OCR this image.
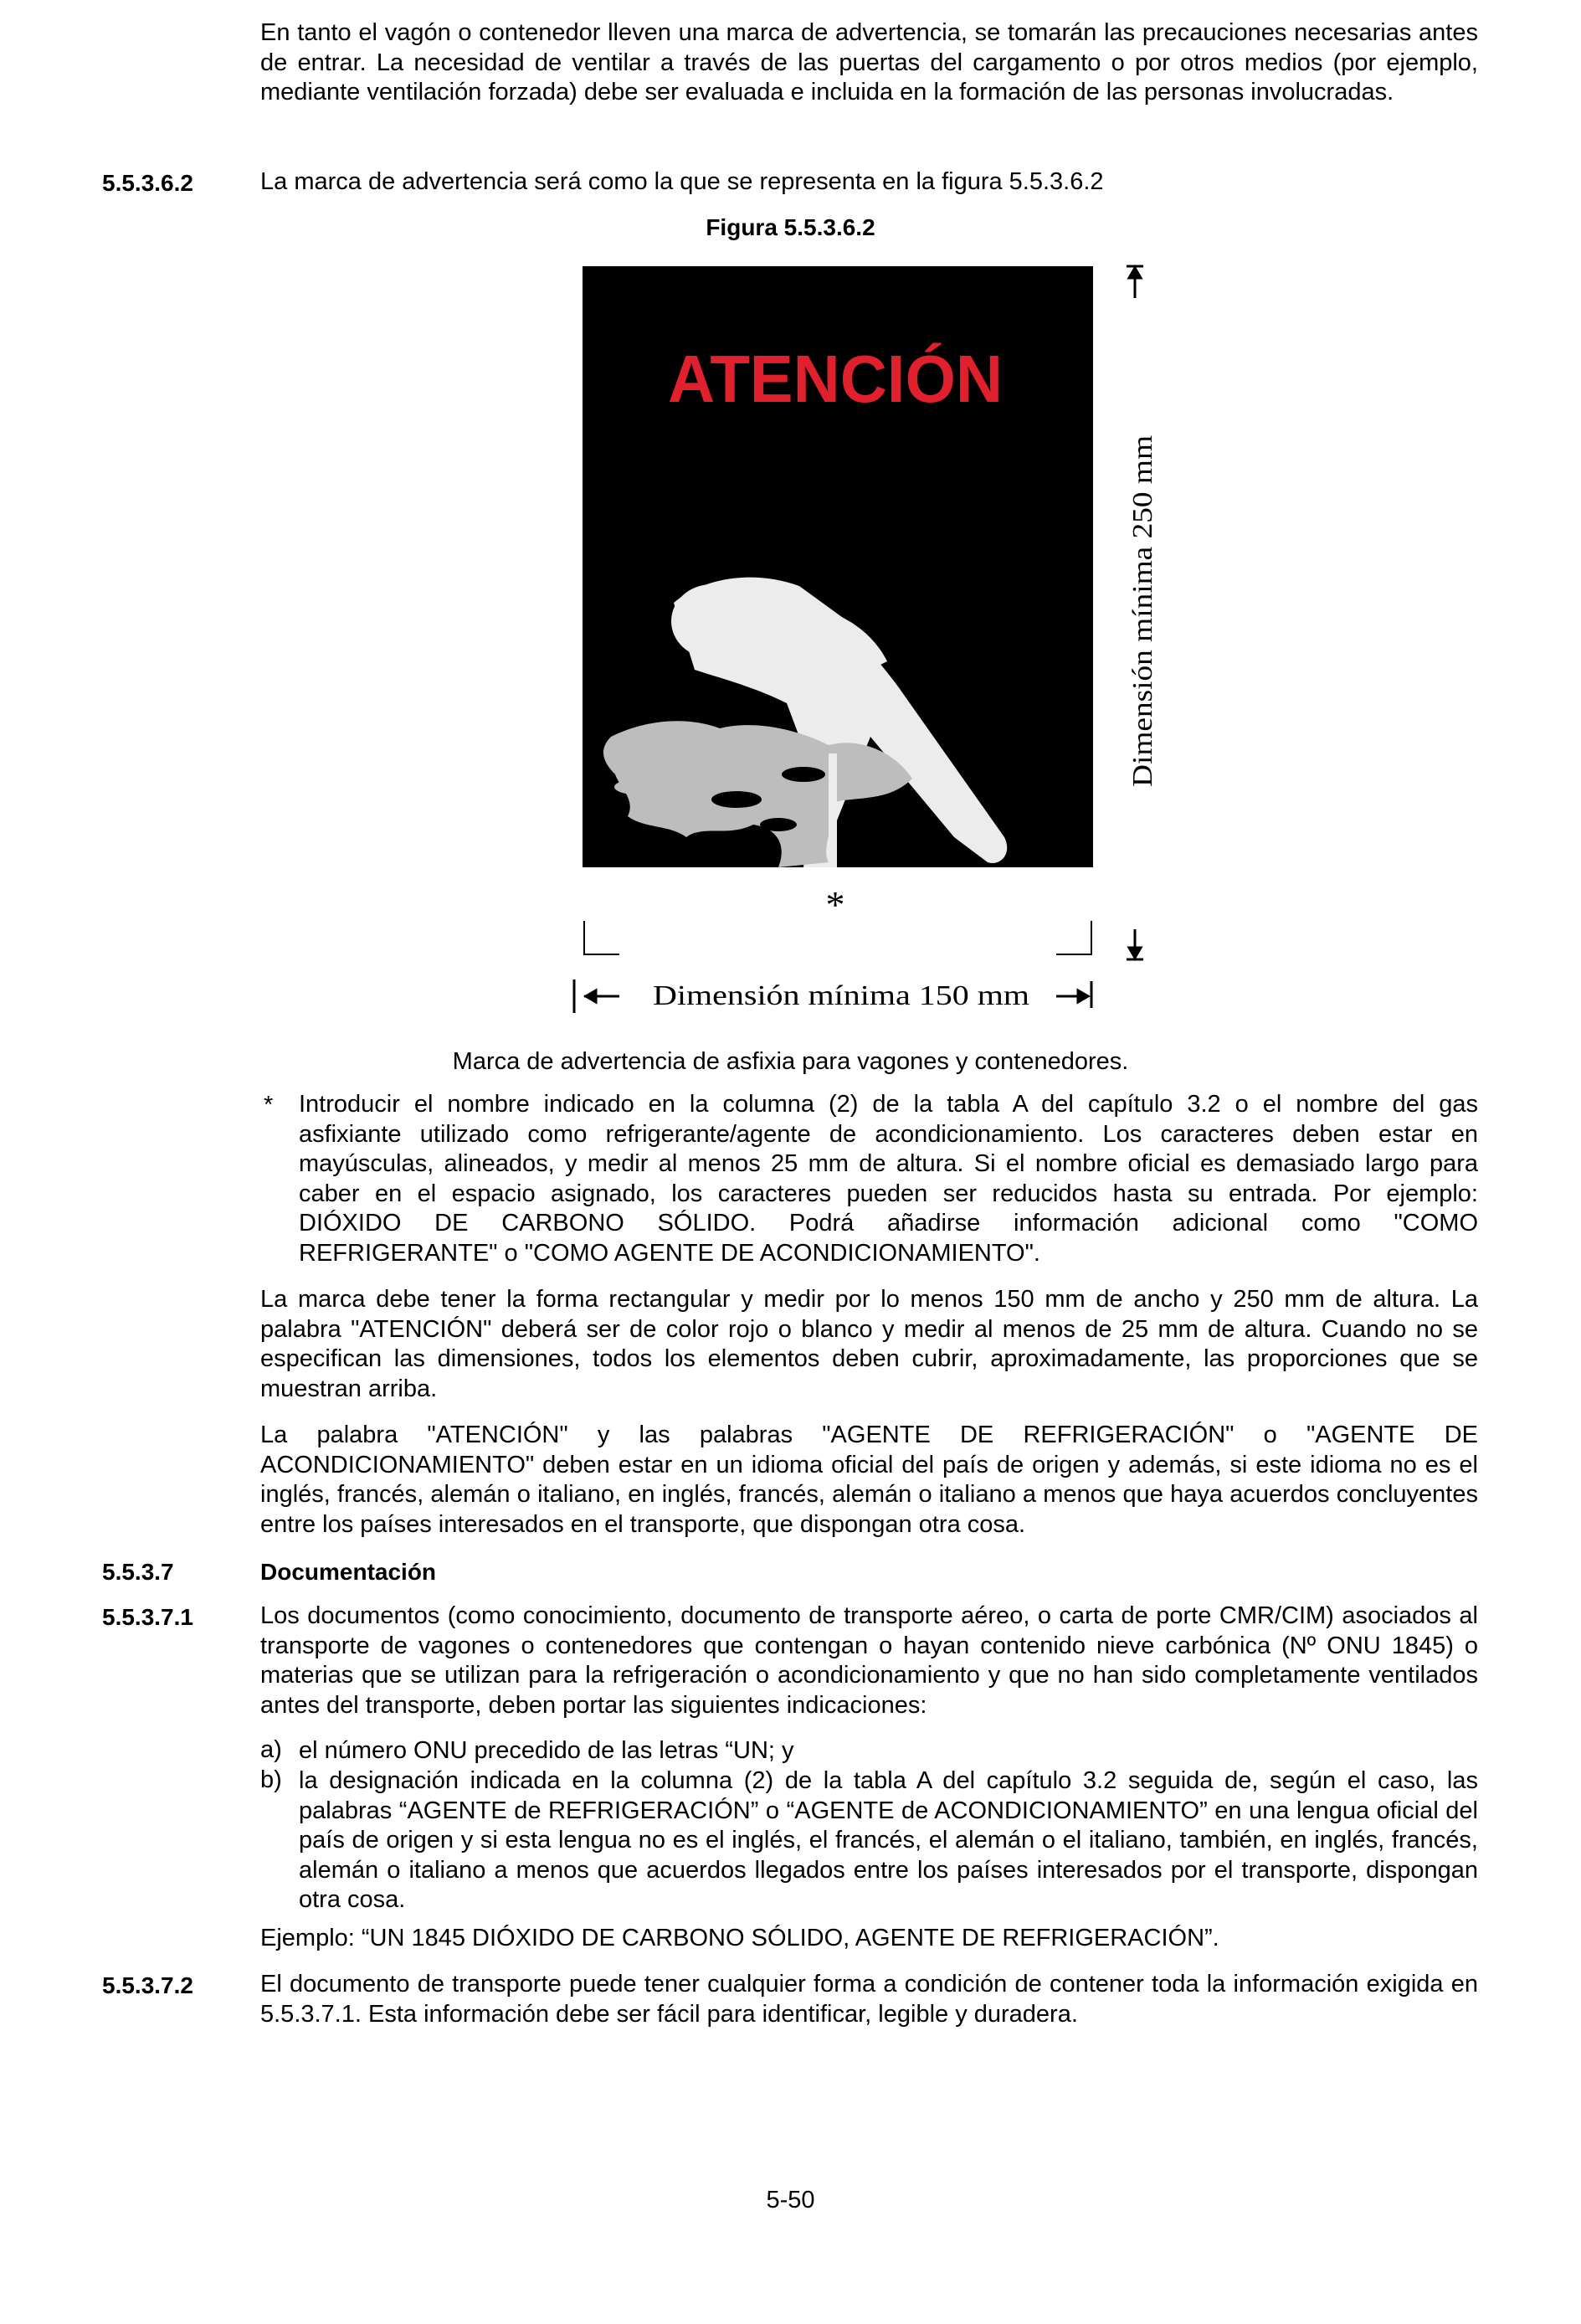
En tanto el vagón o contenedor lleven una marca de advertencia, se tomarán las precauciones necesarias antes de entrar. La necesidad de ventilar a través de las puertas del cargamento o por otros medios (por ejemplo, mediante ventilación forzada) debe ser evaluada e incluida en la formación de las personas involucradas.

5.5.3.6.2	La marca de advertencia será como la que se representa en la figura 5.5.3.6.2

Figura 5.5.3.6.2
ATENCIÓN
*
Dimensión mínima 250 mm
Dimensión mínima 150 mm
Marca de advertencia de asfixia para vagones y contenedores.
* Introducir el nombre indicado en la columna (2) de la tabla A del capítulo 3.2 o el nombre del gas
asfixiante utilizado como refrigerante/agente de acondicionamiento. Los caracteres deben estar en
mayúsculas, alineados, y medir al menos 25 mm de altura. Si el nombre oficial es demasiado largo para
caber en el espacio asignado, los caracteres pueden ser reducidos hasta su entrada. Por ejemplo:
DIÓXIDO DE CARBONO SÓLIDO. Podrá añadirse información adicional como "COMO
REFRIGERANTE" o "COMO AGENTE DE ACONDICIONAMIENTO".

La marca debe tener la forma rectangular y medir por lo menos 150 mm de ancho y 250 mm de altura. La palabra "ATENCIÓN" deberá ser de color rojo o blanco y medir al menos de 25 mm de altura. Cuando no se especifican las dimensiones, todos los elementos deben cubrir, aproximadamente, las proporciones que se muestran arriba.

La palabra "ATENCIÓN" y las palabras "AGENTE DE REFRIGERACIÓN" o "AGENTE DE ACONDICIONAMIENTO" deben estar en un idioma oficial del país de origen y además, si este idioma no es el inglés, francés, alemán o italiano, en inglés, francés, alemán o italiano a menos que haya acuerdos concluyentes entre los países interesados en el transporte, que dispongan otra cosa.

5.5.3.7	Documentación
5.5.3.7.1	Los documentos (como conocimiento, documento de transporte aéreo, o carta de porte CMR/CIM) asociados al transporte de vagones o contenedores que contengan o hayan contenido nieve carbónica (Nº ONU 1845) o materias que se utilizan para la refrigeración o acondicionamiento y que no han sido completamente ventilados antes del transporte, deben portar las siguientes indicaciones:

a) el número ONU precedido de las letras “UN; y

b) la designación indicada en la columna (2) de la tabla A del capítulo 3.2 seguida de, según el caso, las palabras “AGENTE de REFRIGERACIÓN” o “AGENTE de ACONDICIONAMIENTO” en una lengua oficial del país de origen y si esta lengua no es el inglés, el francés, el alemán o el italiano, también, en inglés, francés, alemán o italiano a menos que acuerdos llegados entre los países interesados por el transporte, dispongan otra cosa.

Ejemplo: “UN 1845 DIÓXIDO DE CARBONO SÓLIDO, AGENTE DE REFRIGERACIÓN”.

5.5.3.7.2	El documento de transporte puede tener cualquier forma a condición de contener toda la información exigida en 5.5.3.7.1. Esta información debe ser fácil para identificar, legible y duradera.

5-50
